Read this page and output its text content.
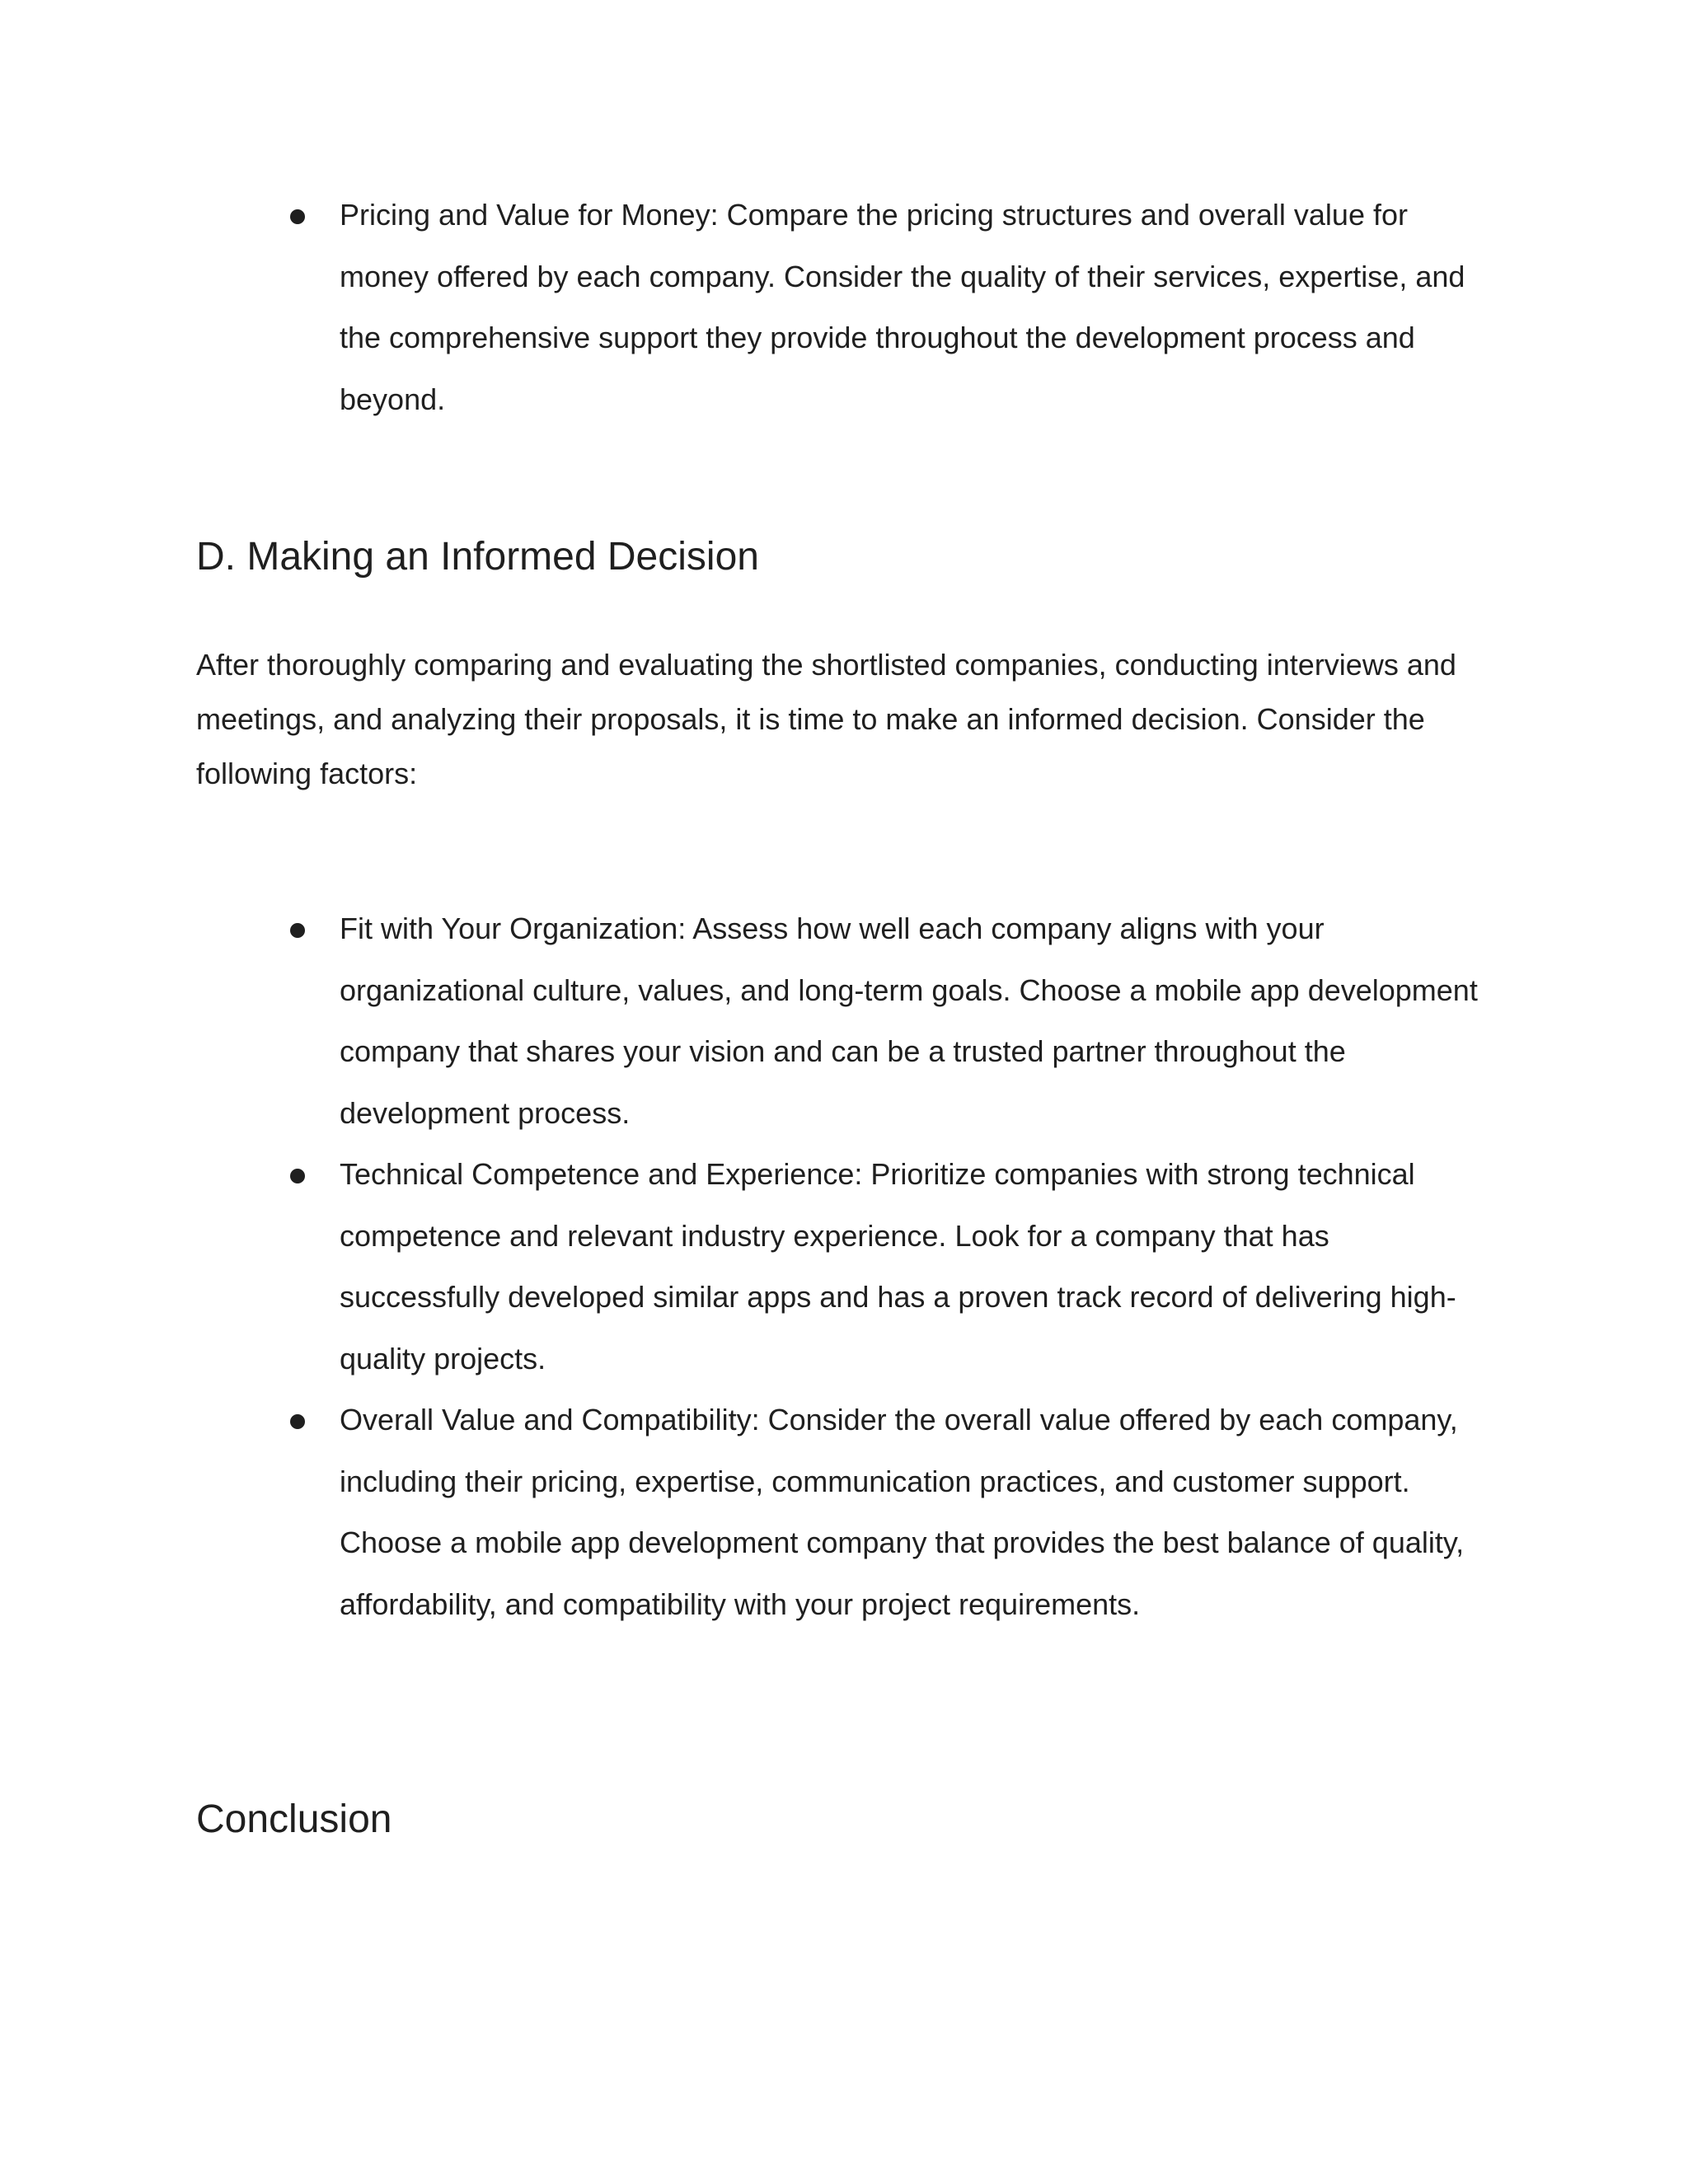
Pricing and Value for Money: Compare the pricing structures and overall value for money offered by each company. Consider the quality of their services, expertise, and the comprehensive support they provide throughout the development process and beyond.
D. Making an Informed Decision

After thoroughly comparing and evaluating the shortlisted companies, conducting interviews and meetings, and analyzing their proposals, it is time to make an informed decision. Consider the following factors:

Fit with Your Organization: Assess how well each company aligns with your organizational culture, values, and long-term goals. Choose a mobile app development company that shares your vision and can be a trusted partner throughout the development process.
Technical Competence and Experience: Prioritize companies with strong technical competence and relevant industry experience. Look for a company that has successfully developed similar apps and has a proven track record of delivering high-quality projects.
Overall Value and Compatibility: Consider the overall value offered by each company, including their pricing, expertise, communication practices, and customer support. Choose a mobile app development company that provides the best balance of quality, affordability, and compatibility with your project requirements.
Conclusion
